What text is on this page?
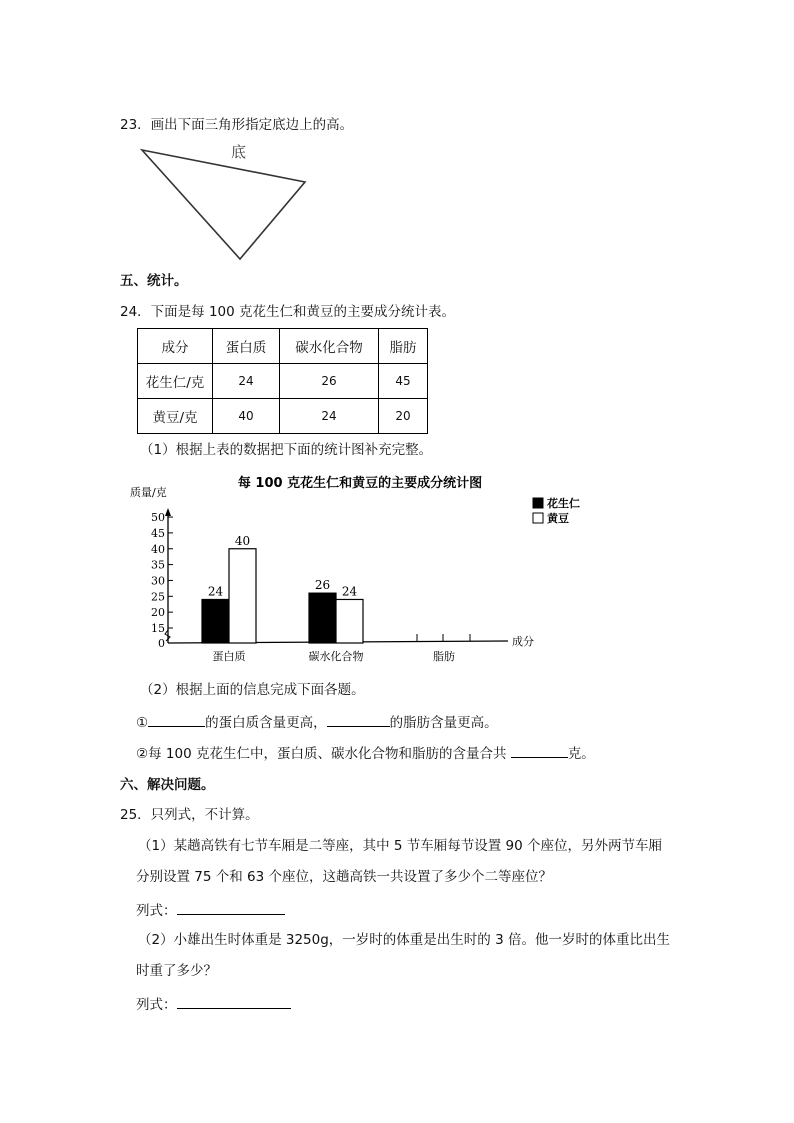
23．画出下面三角形指定底边上的高。
底
五、统计。
24．下面是每 100 克花生仁和黄豆的主要成分统计表。
成分	蛋白质	碳水化合物	脂肪
花生仁/克	24	26	45
黄豆/克	40	24	20
（1）根据上表的数据把下面的统计图补充完整。
每 100 克花生仁和黄豆的主要成分统计图
质量/克
成分
0
15
20
25
30
35
40
45
50
蛋白质
24
40
碳水化合物
26 24
脂肪
花生仁
黄豆
（2）根据上面的信息完成下面各题。
①	的蛋白质含量更高，	的脂肪含量更高。
②每 100 克花生仁中，蛋白质、碳水化合物和脂肪的含量合共	克。
六、解决问题。
25．只列式，不计算。
（1）某趟高铁有七节车厢是二等座，其中 5 节车厢每节设置 90 个座位，另外两节车厢
分别设置 75 个和 63 个座位，这趟高铁一共设置了多少个二等座位？
列式：
（2）小雄出生时体重是 3250g，一岁时的体重是出生时的 3 倍。他一岁时的体重比出生
时重了多少？
列式：
